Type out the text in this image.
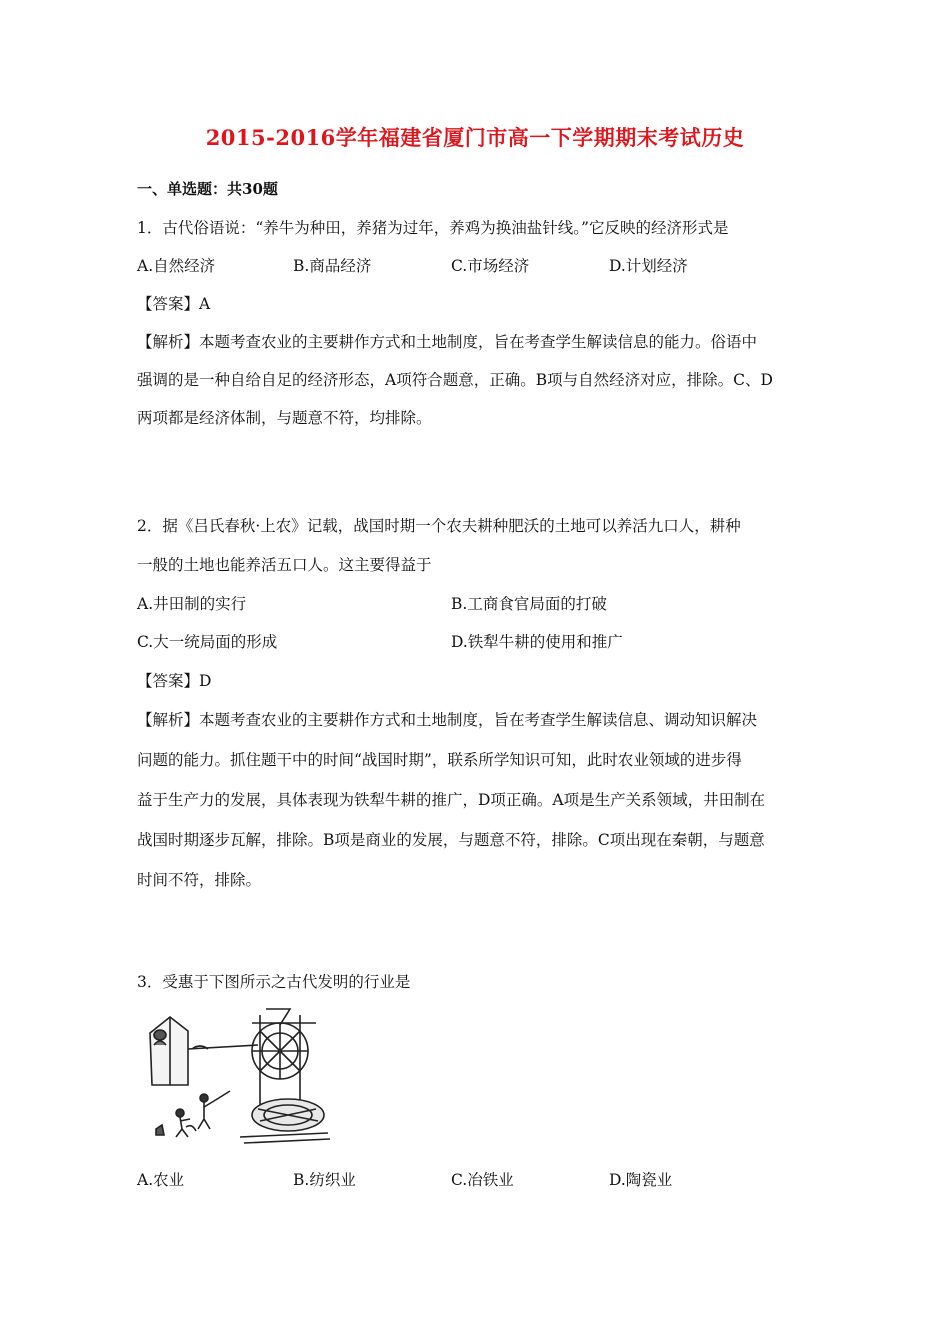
2015-2016学年福建省厦门市高一下学期期末考试历史
一、单选题：共30题
1．古代俗语说：“养牛为种田，养猪为过年，养鸡为换油盐针线。”它反映的经济形式是
A.自然经济	B.商品经济	C.市场经济	D.计划经济
【答案】A
【解析】本题考查农业的主要耕作方式和土地制度，旨在考查学生解读信息的能力。俗语中
强调的是一种自给自足的经济形态，A项符合题意，正确。B项与自然经济对应，排除。C、D
两项都是经济体制，与题意不符，均排除。
2．据《吕氏春秋·上农》记载，战国时期一个农夫耕种肥沃的土地可以养活九口人，耕种
一般的土地也能养活五口人。这主要得益于
A.井田制的实行	B.工商食官局面的打破
C.大一统局面的形成	D.铁犁牛耕的使用和推广
【答案】D
【解析】本题考查农业的主要耕作方式和土地制度，旨在考查学生解读信息、调动知识解决
问题的能力。抓住题干中的时间“战国时期”，联系所学知识可知，此时农业领域的进步得
益于生产力的发展，具体表现为铁犁牛耕的推广，D项正确。A项是生产关系领域，井田制在
战国时期逐步瓦解，排除。B项是商业的发展，与题意不符，排除。C项出现在秦朝，与题意
时间不符，排除。
3．受惠于下图所示之古代发明的行业是
A.农业	B.纺织业	C.冶铁业	D.陶瓷业
